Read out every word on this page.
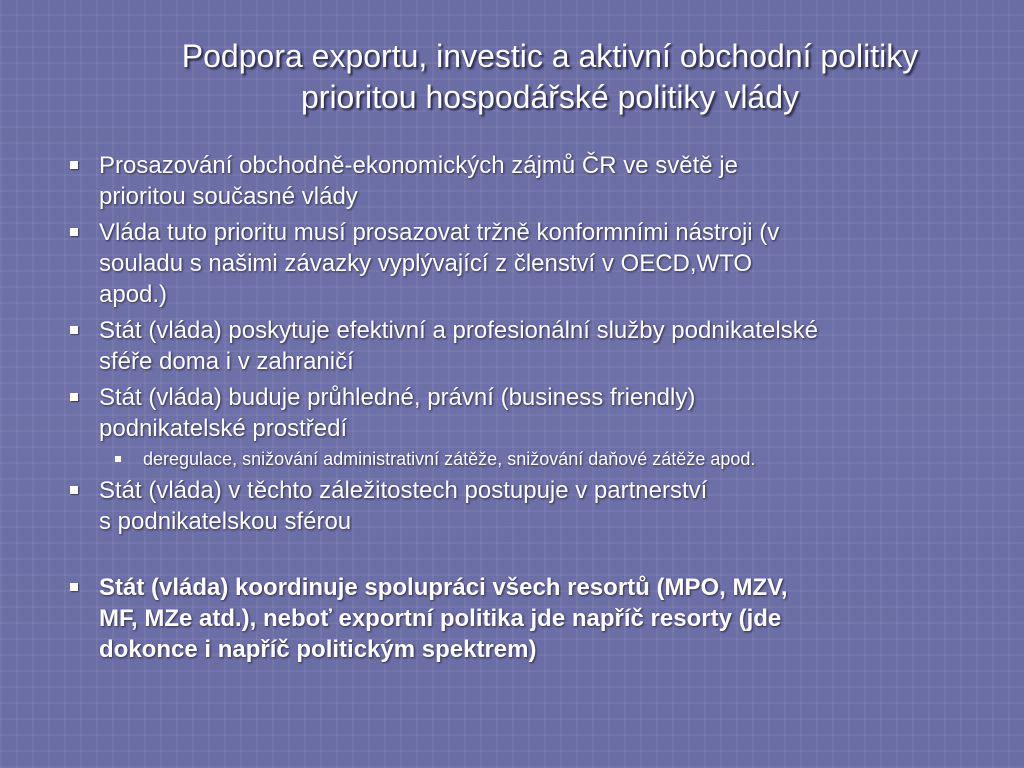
Podpora exportu, investic a aktivní obchodní politiky
prioritou hospodářské politiky vlády
Prosazování obchodně-ekonomických zájmů ČR ve světě je
prioritou současné vlády
Vláda tuto prioritu musí prosazovat tržně konformními nástroji (v
souladu s našimi závazky vyplývající z členství v OECD,WTO
apod.)
Stát (vláda) poskytuje efektivní a profesionální služby podnikatelské
sféře doma i v zahraničí
Stát (vláda) buduje průhledné, právní (business friendly)
podnikatelské prostředí
deregulace, snižování administrativní zátěže, snižování daňové zátěže apod.
Stát (vláda) v těchto záležitostech postupuje v partnerství
s podnikatelskou sférou
Stát (vláda) koordinuje spolupráci všech resortů (MPO, MZV,
MF, MZe atd.), neboť exportní politika jde napříč resorty (jde
dokonce i napříč politickým spektrem)
